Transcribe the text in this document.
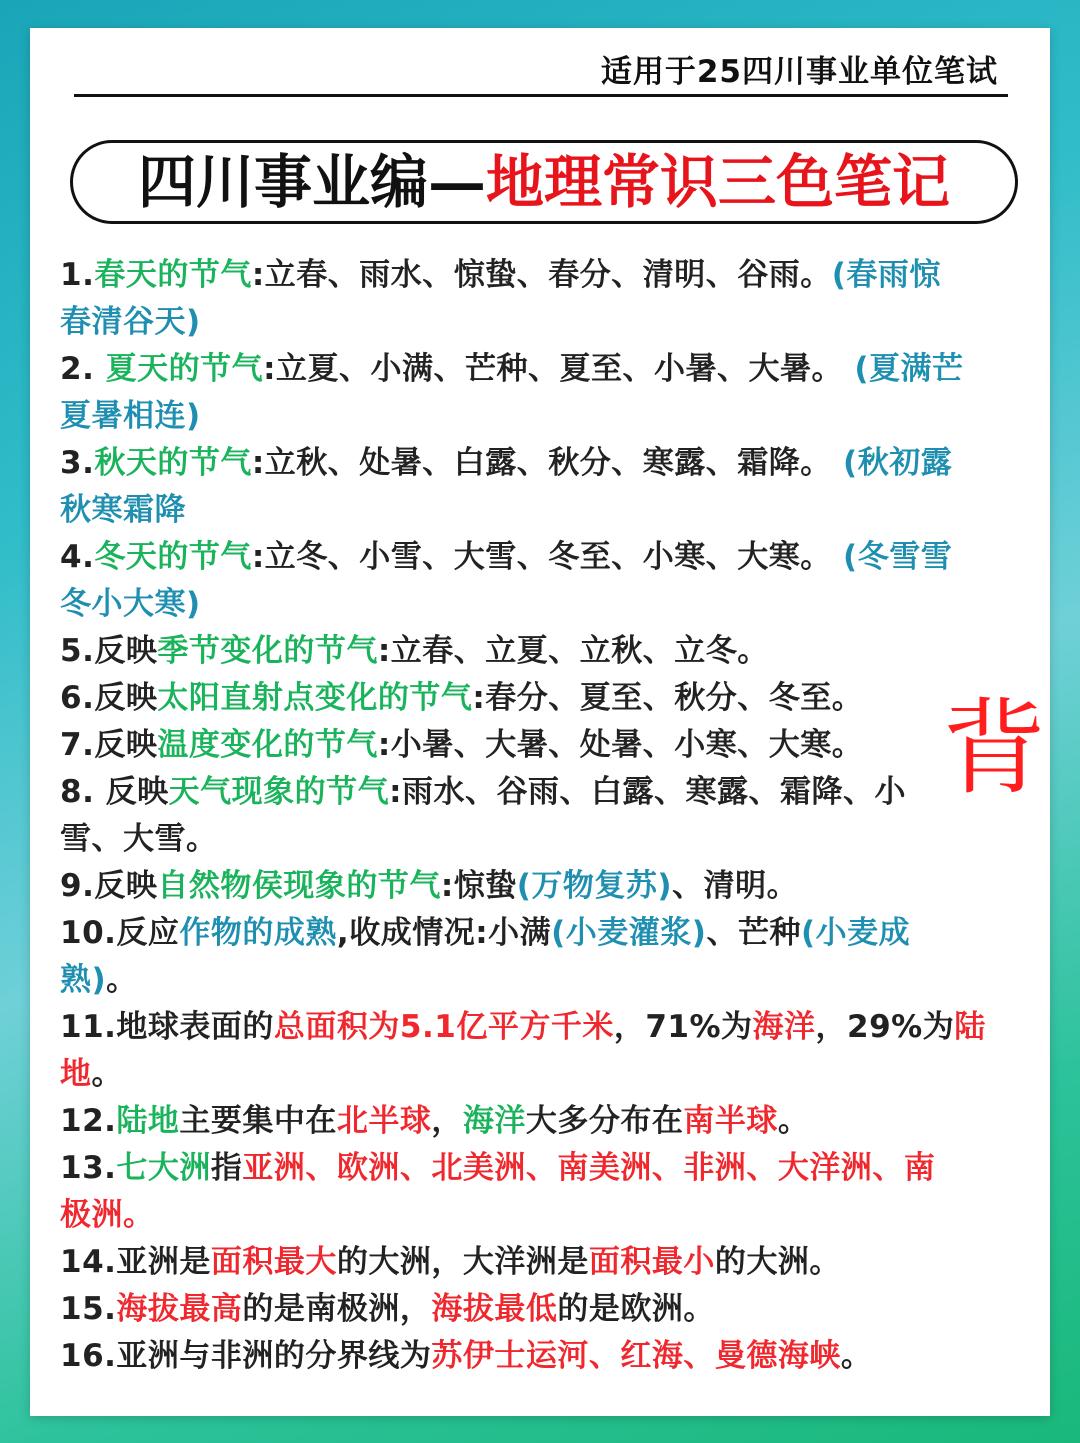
适用于25四川事业单位笔试
四川事业编— 地理常识三色笔记
1.春天的节气:立春、雨水、惊蛰、春分、清明、谷雨。(春雨惊
春清谷天)
2. 夏天的节气:立夏、小满、芒种、夏至、小暑、大暑。 (夏满芒
夏暑相连)
3.秋天的节气:立秋、处暑、白露、秋分、寒露、霜降。 (秋初露
秋寒霜降
4.冬天的节气:立冬、小雪、大雪、冬至、小寒、大寒。 (冬雪雪
冬小大寒)
5.反映季节变化的节气:立春、立夏、立秋、立冬。
6.反映太阳直射点变化的节气:春分、夏至、秋分、冬至。
7.反映温度变化的节气:小暑、大暑、处暑、小寒、大寒。
8. 反映天气现象的节气:雨水、谷雨、白露、寒露、霜降、小
雪、大雪。
9.反映自然物侯现象的节气:惊蛰(万物复苏)、清明。
10.反应作物的成熟,收成情况:小满(小麦灌浆)、芒种(小麦成
熟)。
11.地球表面的总面积为5.1亿平方千米，71%为海洋，29%为陆
地。
12.陆地主要集中在北半球，海洋大多分布在南半球。
13.七大洲指亚洲、欧洲、北美洲、南美洲、非洲、大洋洲、南
极洲。
14.亚洲是面积最大的大洲，大洋洲是面积最小的大洲。
15.海拔最高的是南极洲，海拔最低的是欧洲。
16.亚洲与非洲的分界线为苏伊士运河、红海、曼德海峡。
背
